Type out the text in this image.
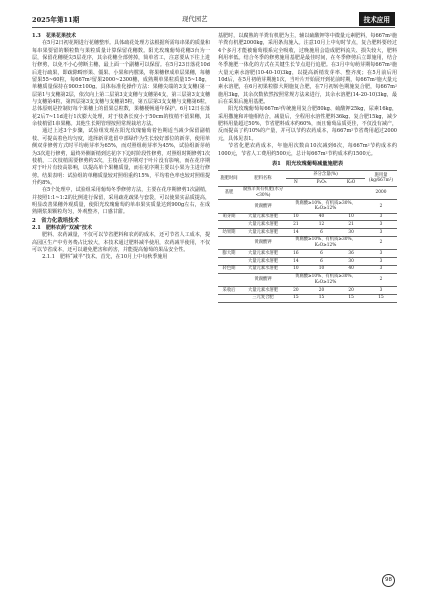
2025年第11期	现代园艺	技术应用
1.3　花果花果技术

在5月2日初花期进行花穗整形。具体疏花处理方法根据所需每串果的质量和每串果要留的颗粒数与果粒质量计算保留花穗数。阳光玫瑰葡萄花穗3台为一层，保留花穗梗尖5层花序，其余花穗全部剪掉，简单省工，注意要从下往上进行修剪，以免不小心剪断主穗，最上面一个副穗可以保留。在5月23日落花10d后进行疏果，即疏除畸形果、僵果、小果和内膛果，将果穗修成单层果穗，每穗留果55~60粒，每667m²留果2000~2300穗，成熟期单果粒质量15~18g，单穗质量保持在900±100g。具体标准化操作方法：果穗尖端的3支支穗(第一层第1与支穗第2层，依次向上第二层第3支支穗与支穗第4支，第三层第3支支穗与支穗第4粒，第四层第3支支穗与支穗第5粒，第五层第3支支穗与支穗第6粒，总体原则是控制好每个果穗上的留果总粒数，果穗梗畅通年保护。6月12日在落花2后7~11d进行1次膨大处理，对于枝条长度小于50cm的枝梢不留果穗，其余枝梢留1串果穗。其他生长期管理按照常规栽培方法。

通过上述3个步骤，试验组发现在阳光玫瑰葡萄着色期适当减少保留副梢枝、可提高着色均匀度，选择新芽选留中部绿作为生长较好部位的新芽，使用单侧双芽修剪方式时平均萌芽率为65%，而对照组萌芽率为45%，试验组新芽萌为3次进行修剪，最终外侧新梢到达花序下边时阶段性修剪，对照组时期修剪1次枝梢，二次枝梢需要修剪约3次，主枝在花序期对于叶片没有影响，而在花序期对于叶片有较高影响，以提高单个果穗质量，而在花序期主要以小果为主进行修剪。结果表明：试验组的单穗质量较对照组重约15%，平均着色率也较对照组提升约8%。

在5个处理中，试验组采用葡萄冬季修剪方法，主要在花序期修剪1次副梢，并按照1:1~1:2的比例进行保留，采用疏花疏果与套袋，可以使果实品质提高，明显改善果穗外观质量，使阳光玫瑰葡萄的单串果实质量达到900g左右，在成熟期浆果颗粒均匀，外观整齐，口感甘甜。

2　省力化栽培技术
2.1　肥料农药“双减”技术

肥料、农药减量，不仅可以节省肥料和农药的成本，还可节省人工成本，提高园区生产中劳务费占比较大，本技术通过肥料减半使用，农药减半使用，不仅可以节省成本，还可以避免肥害和药害，并能提高葡萄的果品安全性。

2.1.1　肥料“减半”技术。首先，在10月上中旬秋季施用

基肥时，以腐熟的羊粪有机肥为主，辅以硫酸钾等中微量元素肥料，每667m²施羊粪有机肥2000kg，采用条沟施入。注意10月上中旬时节点，复合肥料要经过4个多月才能被葡萄根系完全吸收，过晚施用会造成肥料流失、损失较大，肥料利用率低。结合冬季的修剪施用基肥是最佳时间，在冬季修剪后立即施用，结合冬季施肥一体化的方式在关键生长节点进行追肥。在3月中旬萌芽期每667m²施大量元素水溶肥(10-40-10)3kg，以提高新梢发芽率、整齐度；在5月前后用10d后，在5月初萌芽期施1次，当叶片开始展开到花前时期，每667m²施大量元素水溶肥，在6月初果粒膨大期施复合肥，在7月初转色期施复合肥，每667m²施用3kg，其余次数依然按照常规方法来进行，其余水溶肥(14-20-10)3kg，最后在采果后施用基肥。

阳光玫瑰葡萄每667m²传统施用复合肥80kg、硫酸钾25kg，尿素16kg，采用撒施和冲施相结合，减量后，全程用水溶性肥料36kg、复合肥15kg，减少肥料用量超过50%，节省肥料成本约60%，而且葡萄品质更佳，不仅没有减产，反而提高了约10%的产量，并可以节约农药成本，每667m²节省费用超过2000元，具体见表1。

节省化肥农药成本，年施用次数由10次减到6次，每667m²节约成本约1000元，节省人工费用约500元，总计每667m²节约成本约1500元。

表1　阳光玫瑰葡萄减量施肥表

施肥时间	肥料名称	养分含量(%)			施用量(kg/667m²)
		N	P₂O₅	K₂O	
基肥	腐熟羊粪有机肥(水分<30%)				2000
	黄腐酸钾	黄腐酸≥10%、有机质≥30%、K₂O≥12%			2
萌芽期	大量元素水溶肥	10	40	10	3
	大量元素水溶肥	21	12	21	3
幼果期	大量元素水溶肥	14	6	30	3
	黄腐酸钾	黄腐酸≥10%、有机质≥30%、K₂O≥12%			2
膨大期	大量元素水溶肥	16	6	36	3
	大量元素水溶肥	14	6	30	3
转色期	大量元素水溶肥	10	10	40	3
	黄腐酸钾	黄腐酸≥10%、有机质≥30%、K₂O≥12%			2
采收后	大量元素水溶肥	20	20	20	3
	三元复合肥	15	15	15	15
98
